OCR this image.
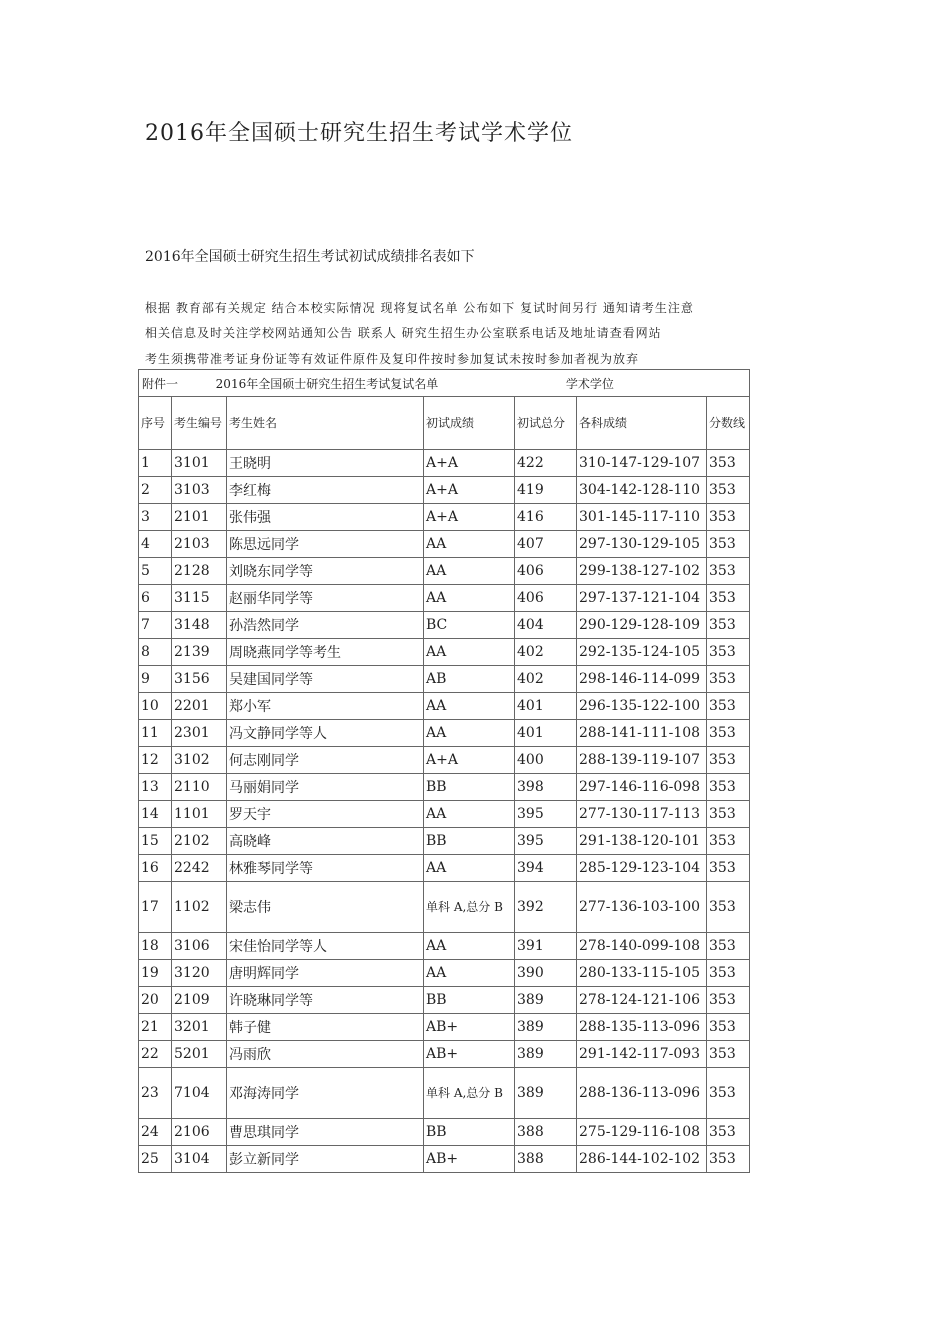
2016年全国硕士研究生招生考试学术学位
2016年全国硕士研究生招生考试初试成绩排名表如下
根据 教育部有关规定 结合本校实际情况 现将复试名单 公布如下 复试时间另行 通知请考生注意
相关信息及时关注学校网站通知公告 联系人 研究生招生办公室联系电话及地址请查看网站
考生须携带准考证身份证等有效证件原件及复印件按时参加复试未按时参加者视为放弃
附件一 2016年全国硕士研究生招生考试复试名单 学术学位						
序号	考生编号	考生姓名	初试成绩	初试总分	各科成绩	分数线
1	3101	王晓明	A+A	422	310-147-129-107	353
2	3103	李红梅	A+A	419	304-142-128-110	353
3	2101	张伟强	A+A	416	301-145-117-110	353
4	2103	陈思远同学	AA	407	297-130-129-105	353
5	2128	刘晓东同学等	AA	406	299-138-127-102	353
6	3115	赵丽华同学等	AA	406	297-137-121-104	353
7	3148	孙浩然同学	BC	404	290-129-128-109	353
8	2139	周晓燕同学等考生	AA	402	292-135-124-105	353
9	3156	吴建国同学等	AB	402	298-146-114-099	353
10	2201	郑小军	AA	401	296-135-122-100	353
11	2301	冯文静同学等人	AA	401	288-141-111-108	353
12	3102	何志刚同学	A+A	400	288-139-119-107	353
13	2110	马丽娟同学	BB	398	297-146-116-098	353
14	1101	罗天宇	AA	395	277-130-117-113	353
15	2102	高晓峰	BB	395	291-138-120-101	353
16	2242	林雅琴同学等	AA	394	285-129-123-104	353
17	1102	梁志伟	单科 A,总分 B	392	277-136-103-100	353
18	3106	宋佳怡同学等人	AA	391	278-140-099-108	353
19	3120	唐明辉同学	AA	390	280-133-115-105	353
20	2109	许晓琳同学等	BB	389	278-124-121-106	353
21	3201	韩子健	AB+	389	288-135-113-096	353
22	5201	冯雨欣	AB+	389	291-142-117-093	353
23	7104	邓海涛同学	单科 A,总分 B	389	288-136-113-096	353
24	2106	曹思琪同学	BB	388	275-129-116-108	353
25	3104	彭立新同学	AB+	388	286-144-102-102	353
